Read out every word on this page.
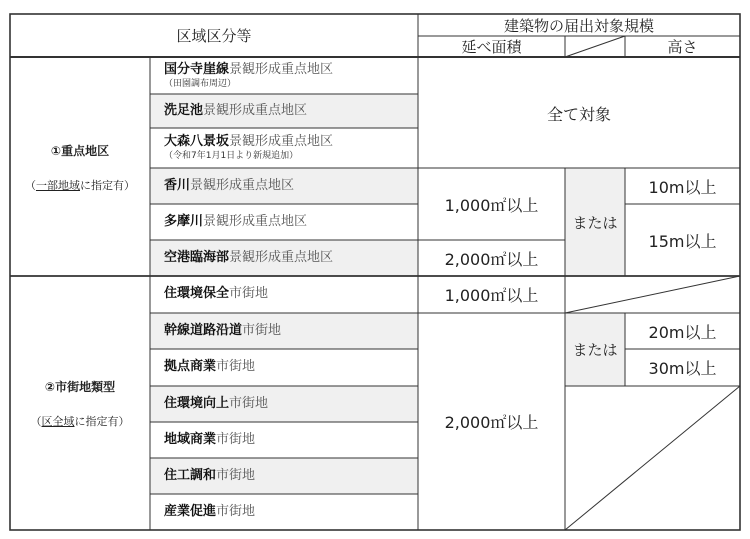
区域区分等
建築物の届出対象規模
延べ面積	高さ
①重点地区
（一部地域に指定有）
②市街地類型
（区全域に指定有）
国分寺崖線景観形成重点地区
（田園調布周辺）
洗足池景観形成重点地区
大森八景坂景観形成重点地区
（令和7年1月1日より新規追加）
香川景観形成重点地区
多摩川景観形成重点地区
空港臨海部景観形成重点地区
住環境保全市街地
幹線道路沿道市街地
拠点商業市街地
住環境向上市街地
地域商業市街地
住工調和市街地
産業促進市街地
全て対象
1,000㎡以上
2,000㎡以上
または
10m以上
15m以上
1,000㎡以上
2,000㎡以上
または
20m以上
30m以上
